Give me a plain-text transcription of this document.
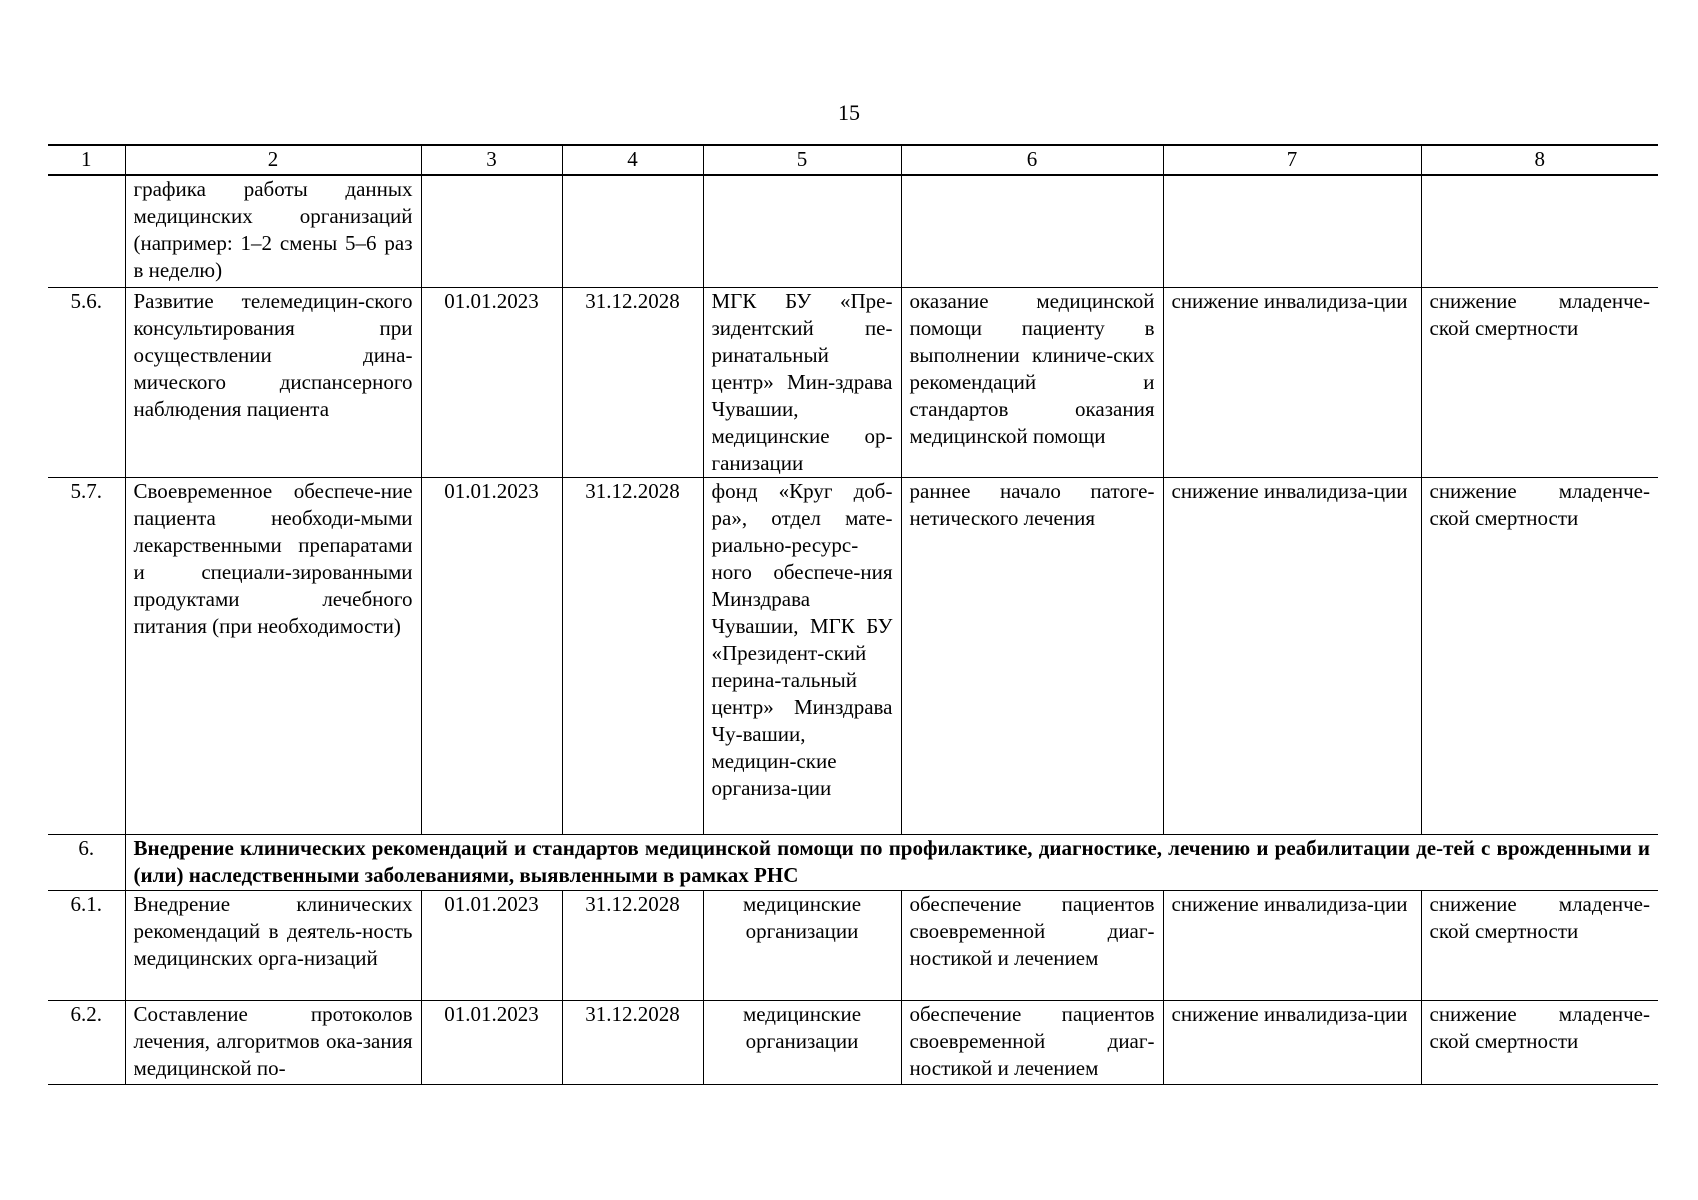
15
1	2	3	4	5	6	7	8
	графика работы данных медицинских организаций (например: 1–2 смены 5–6 раз в неделю)						
5.6.	Развитие телемедицин-ского консультирования при осуществлении дина-мического диспансерного наблюдения пациента	01.01.2023	31.12.2028	МГК БУ «Пре-зидентский пе-ринатальный центр» Мин-здрава Чувашии, медицинские ор-ганизации	оказание медицинской помощи пациенту в выполнении клиниче-ских рекомендаций и стандартов оказания медицинской помощи	снижение инвалидиза-ции	снижение младенче-ской смертности
5.7.	Своевременное обеспече-ние пациента необходи-мыми лекарственными препаратами и специали-зированными продуктами лечебного питания (при необходимости)	01.01.2023	31.12.2028	фонд «Круг доб-ра», отдел мате-риально-ресурс-ного обеспече-ния Минздрава Чувашии, МГК БУ «Президент-ский перина-тальный центр» Минздрава Чу-вашии, медицин-ские организа-ции	раннее начало патоге-нетического лечения	снижение инвалидиза-ции	снижение младенче-ской смертности
6.	Внедрение клинических рекомендаций и стандартов медицинской помощи по профилактике, диагностике, лечению и реабилитации де-тей с врожденными и (или) наследственными заболеваниями, выявленными в рамках РНС						
6.1.	Внедрение клинических рекомендаций в деятель-ность медицинских орга-низаций	01.01.2023	31.12.2028	медицинские организации	обеспечение пациентов своевременной диаг-ностикой и лечением	снижение инвалидиза-ции	снижение младенче-ской смертности
6.2.	Составление протоколов лечения, алгоритмов ока-зания медицинской по-	01.01.2023	31.12.2028	медицинские организации	обеспечение пациентов своевременной диаг-ностикой и лечением	снижение инвалидиза-ции	снижение младенче-ской смертности
